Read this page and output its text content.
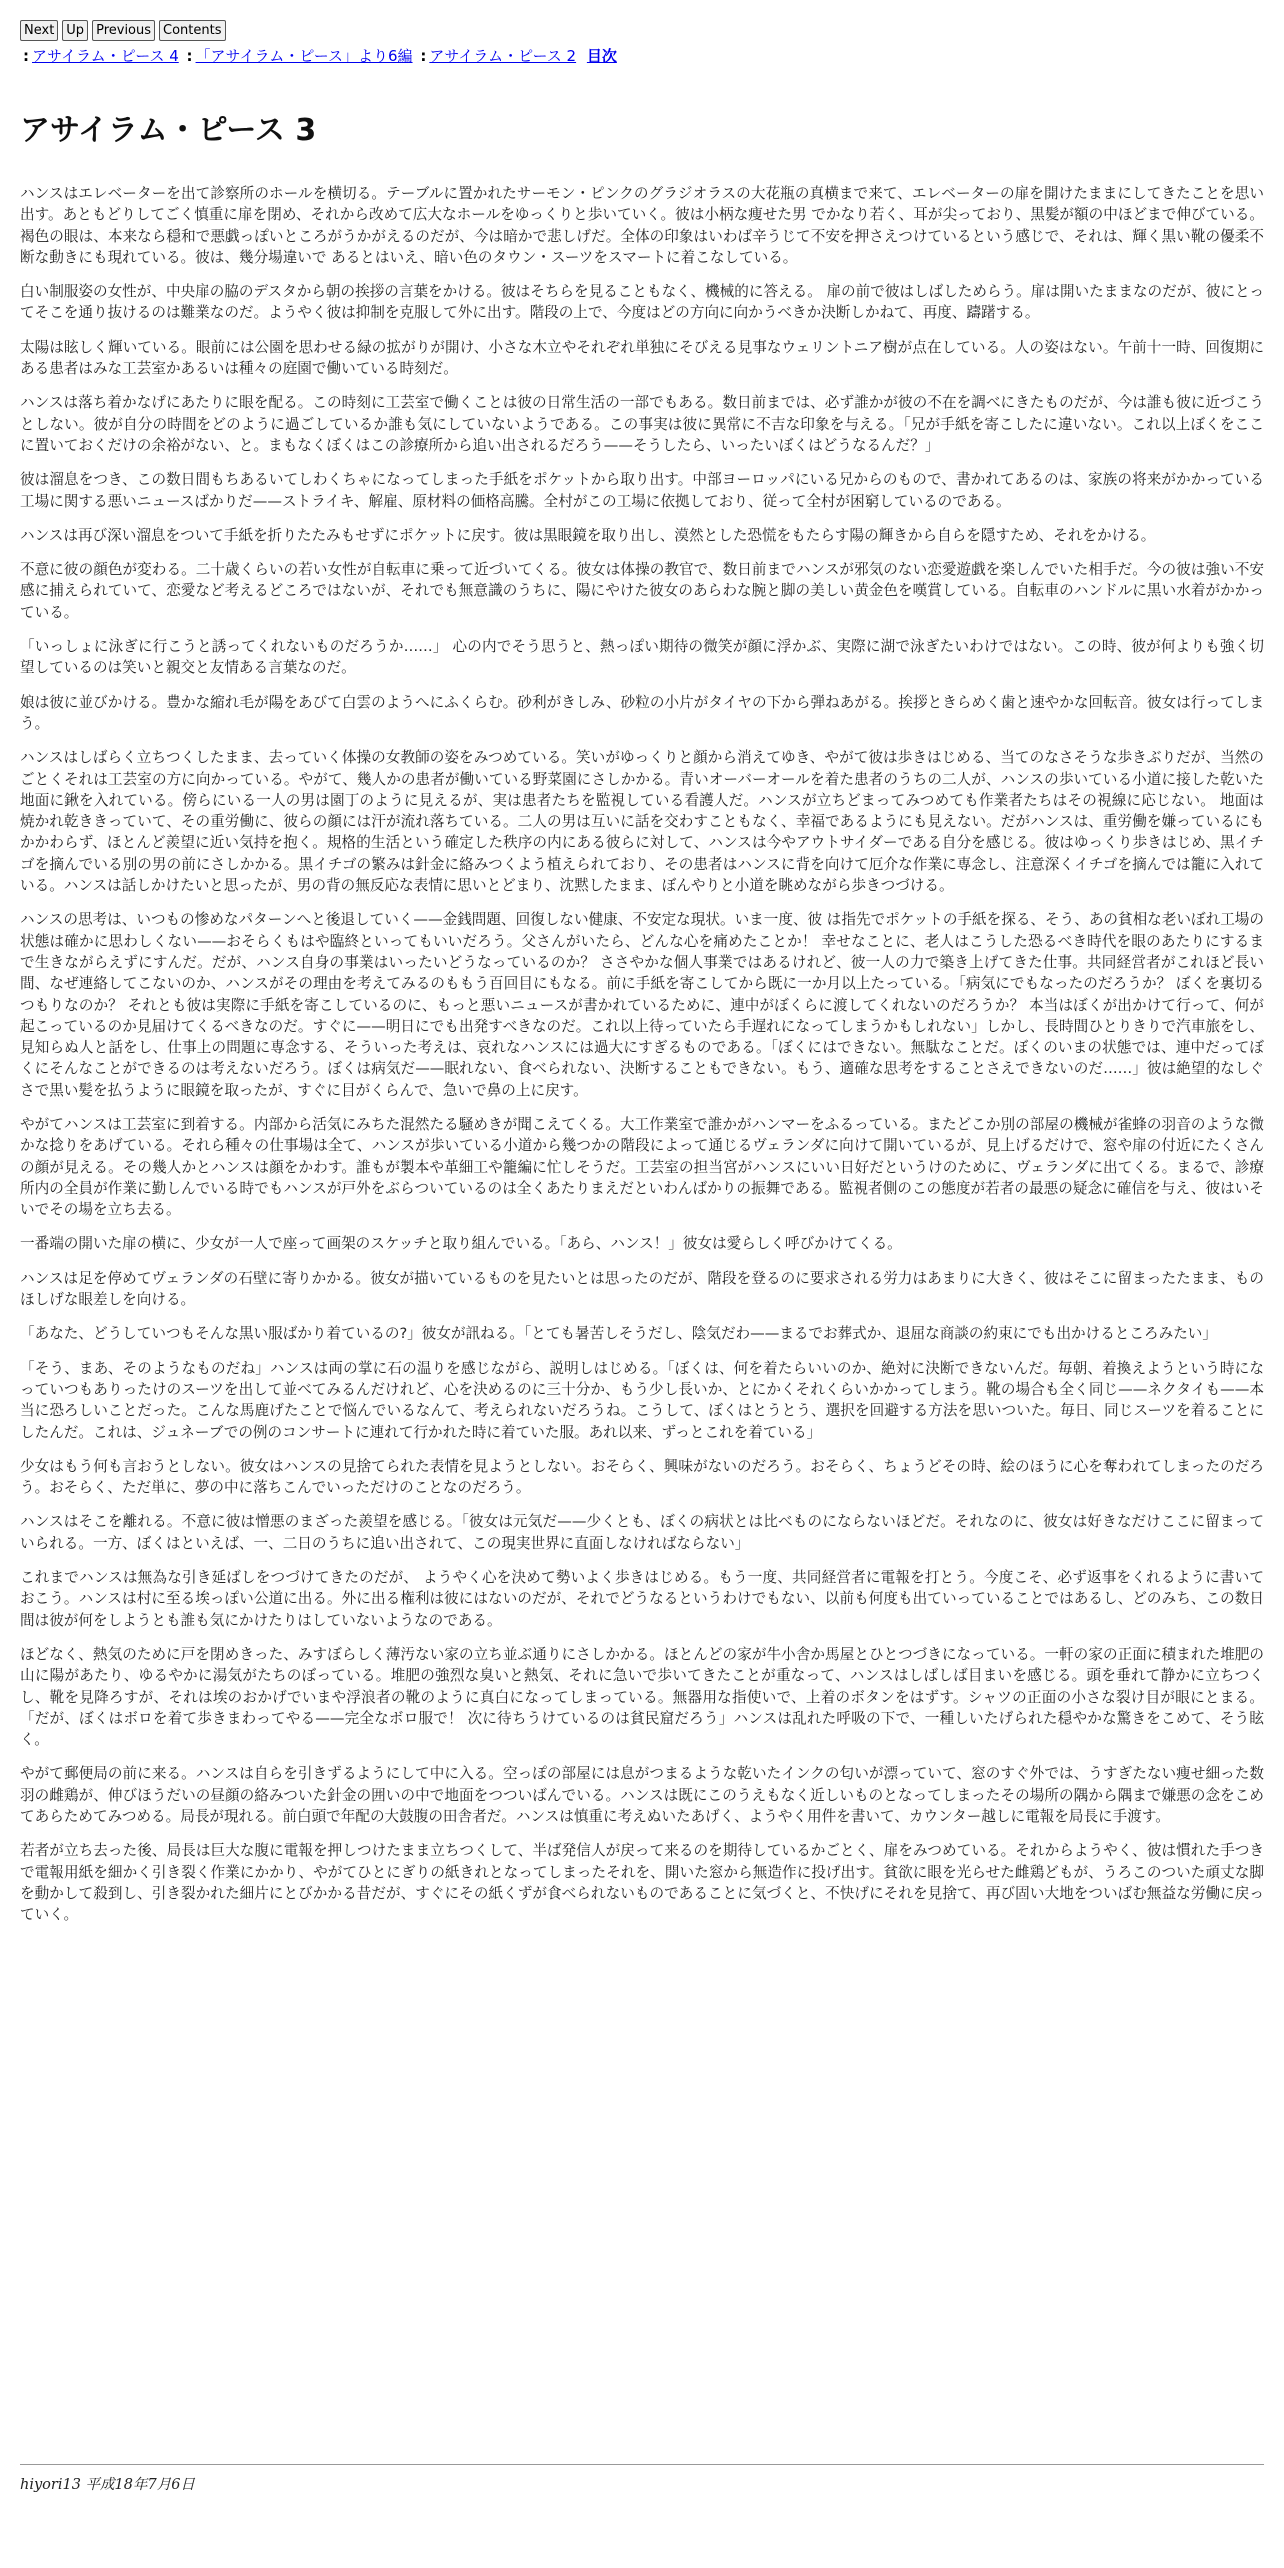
Next Up Previous Contents
: アサイラム・ピース 4 : 「アサイラム・ピース」より6編 : アサイラム・ピース 2 目次
アサイラム・ピース 3

ハンスはエレベーターを出て診察所のホールを横切る。テーブルに置かれたサーモン・ピンクのグラジオラスの大花瓶の真横まで来て、エレベーターの扉を開けたままにしてきたことを思い出す。あともどりしてごく慎重に扉を閉め、それから改めて広大なホールをゆっくりと歩いていく。彼は小柄な痩せた男 でかなり若く、耳が尖っており、黒髪が額の中ほどまで伸びている。褐色の眼は、本来なら穏和で悪戯っぽいところがうかがえるのだが、今は暗かで悲しげだ。全体の印象はいわば辛うじて不安を押さえつけているという感じで、それは、輝く黒い靴の優柔不断な動きにも現れている。彼は、幾分場違いで あるとはいえ、暗い色のタウン・スーツをスマートに着こなしている。

白い制服姿の女性が、中央扉の脇のデスタから朝の挨拶の言葉をかける。彼はそちらを見ることもなく、機械的に答える。 扉の前で彼はしばしためらう。扉は開いたままなのだが、彼にとってそこを通り抜けるのは難業なのだ。ようやく彼は抑制を克服して外に出す。階段の上で、今度はどの方向に向かうべきか決断しかねて、再度、躊躇する。

太陽は眩しく輝いている。眼前には公園を思わせる緑の拡がりが開け、小さな木立やそれぞれ単独にそびえる見事なウェリントニア樹が点在している。人の姿はない。午前十一時、回復期にある患者はみな工芸室かあるいは種々の庭園で働いている時刻だ。

ハンスは落ち着かなげにあたりに眼を配る。この時刻に工芸室で働くことは彼の日常生活の一部でもある。数日前までは、必ず誰かが彼の不在を調べにきたものだが、今は誰も彼に近づこうとしない。彼が自分の時間をどのように過ごしているか誰も気にしていないようである。この事実は彼に異常に不吉な印象を与える。「兄が手紙を寄こしたに違いない。これ以上ぼくをここに置いておくだけの余裕がない、と。まもなくぼくはこの診療所から追い出されるだろう——そうしたら、いったいぼくはどうなるんだ？」

彼は溜息をつき、この数日間もちあるいてしわくちゃになってしまった手紙をポケットから取り出す。中部ヨーロッパにいる兄からのもので、書かれてあるのは、家族の将来がかかっている工場に関する悪いニュースばかりだ——ストライキ、解雇、原材料の価格高騰。全村がこの工場に依拠しており、従って全村が困窮しているのである。

ハンスは再び深い溜息をついて手紙を折りたたみもせずにポケットに戻す。彼は黒眼鏡を取り出し、漠然とした恐慌をもたらす陽の輝きから自らを隠すため、それをかける。

不意に彼の顔色が変わる。二十歳くらいの若い女性が自転車に乗って近づいてくる。彼女は体操の教官で、数日前までハンスが邪気のない恋愛遊戯を楽しんでいた相手だ。今の彼は強い不安感に捕えられていて、恋愛など考えるどころではないが、それでも無意識のうちに、陽にやけた彼女のあらわな腕と脚の美しい黄金色を嘆賞している。自転車のハンドルに黒い水着がかかっている。

「いっしょに泳ぎに行こうと誘ってくれないものだろうか……」 心の内でそう思うと、熱っぽい期待の微笑が顔に浮かぶ、実際に湖で泳ぎたいわけではない。この時、彼が何よりも強く切望しているのは笑いと親交と友情ある言葉なのだ。

娘は彼に並びかける。豊かな縮れ毛が陽をあびて白雲のようへにふくらむ。砂利がきしみ、砂粒の小片がタイヤの下から弾ねあがる。挨拶ときらめく歯と速やかな回転音。彼女は行ってしまう。

ハンスはしばらく立ちつくしたまま、去っていく体操の女教師の姿をみつめている。笑いがゆっくりと顔から消えてゆき、やがて彼は歩きはじめる、当てのなさそうな歩きぶりだが、当然のごとくそれは工芸室の方に向かっている。やがて、幾人かの患者が働いている野菜園にさしかかる。青いオーバーオールを着た患者のうちの二人が、ハンスの歩いている小道に接した乾いた地面に鍬を入れている。傍らにいる一人の男は園丁のように見えるが、実は患者たちを監視している看護人だ。ハンスが立ちどまってみつめても作業者たちはその視線に応じない。 地面は焼かれ乾ききっていて、その重労働に、彼らの顔には汗が流れ落ちている。二人の男は互いに話を交わすこともなく、幸福であるようにも見えない。だがハンスは、重労働を嫌っているにもかかわらず、ほとんど羨望に近い気持を抱く。規格的生活という確定した秩序の内にある彼らに対して、ハンスは今やアウトサイダーである自分を感じる。彼はゆっくり歩きはじめ、黒イチゴを摘んでいる別の男の前にさしかかる。黒イチゴの繁みは針金に絡みつくよう植えられており、その患者はハンスに背を向けて厄介な作業に専念し、注意深くイチゴを摘んでは籠に入れている。ハンスは話しかけたいと思ったが、男の背の無反応な表情に思いとどまり、沈黙したまま、ぼんやりと小道を眺めながら歩きつづける。

ハンスの思考は、いつもの惨めなパターンへと後退していく——金銭問題、回復しない健康、不安定な現状。いま一度、彼 は指先でポケットの手紙を探る、そう、あの貧相な老いぼれ工場の状態は確かに思わしくない——おそらくもはや臨終といってもいいだろう。父さんがいたら、どんな心を痛めたことか！ 幸せなことに、老人はこうした恐るべき時代を眼のあたりにするまで生きながらえずにすんだ。だが、ハンス自身の事業はいったいどうなっているのか？ ささやかな個人事業ではあるけれど、彼一人の力で築き上げてきた仕事。共同経営者がこれほど長い間、なぜ連絡してこないのか、ハンスがその理由を考えてみるのももう百回目にもなる。前に手紙を寄こしてから既に一か月以上たっている。「病気にでもなったのだろうか？ ぼくを裏切るつもりなのか？ それとも彼は実際に手紙を寄こしているのに、もっと悪いニュースが書かれているために、連中がぼくらに渡してくれないのだろうか？ 本当はぼくが出かけて行って、何が起こっているのか見届けてくるべきなのだ。すぐに——明日にでも出発すべきなのだ。これ以上待っていたら手遅れになってしまうかもしれない」しかし、長時間ひとりきりで汽車旅をし、見知らぬ人と話をし、仕事上の問題に専念する、そういった考えは、哀れなハンスには過大にすぎるものである。「ぼくにはできない。無駄なことだ。ぼくのいまの状態では、連中だってぼくにそんなことができるのは考えないだろう。ぼくは病気だ——眠れない、食べられない、決断することもできない。もう、適確な思考をすることさえできないのだ……」彼は絶望的なしぐさで黒い髪を払うように眼鏡を取ったが、すぐに目がくらんで、急いで鼻の上に戻す。

やがてハンスは工芸室に到着する。内部から活気にみちた混然たる騒めきが聞こえてくる。大工作業室で誰かがハンマーをふるっている。またどこか別の部屋の機械が雀蜂の羽音のような微かな捻りをあげている。それら種々の仕事場は全て、ハンスが歩いている小道から幾つかの階段によって通じるヴェランダに向けて開いているが、見上げるだけで、窓や扉の付近にたくさんの顔が見える。その幾人かとハンスは顔をかわす。誰もが製本や革細工や籠編に忙しそうだ。工芸室の担当宮がハンスにいい日好だというけのために、ヴェランダに出てくる。まるで、診療所内の全員が作業に勤しんでいる時でもハンスが戸外をぶらついているのは全くあたりまえだといわんばかりの振舞である。監視者側のこの態度が若者の最悪の疑念に確信を与え、彼はいそいでその場を立ち去る。

一番端の開いた扉の横に、少女が一人で座って画架のスケッチと取り組んでいる。「あら、ハンス！」彼女は愛らしく呼びかけてくる。

ハンスは足を停めてヴェランダの石壁に寄りかかる。彼女が描いているものを見たいとは思ったのだが、階段を登るのに要求される労力はあまりに大きく、彼はそこに留まったたまま、ものほしげな眼差しを向ける。

「あなた、どうしていつもそんな黒い服ばかり着ているの?」彼女が訊ねる。「とても暑苦しそうだし、陰気だわ——まるでお葬式か、退屈な商談の約束にでも出かけるところみたい」

「そう、まあ、そのようなものだね」ハンスは両の掌に石の温りを感じながら、説明しはじめる。「ぼくは、何を着たらいいのか、絶対に決断できないんだ。毎朝、着換えようという時になっていつもありったけのスーツを出して並べてみるんだけれど、心を決めるのに三十分か、もう少し長いか、とにかくそれくらいかかってしまう。靴の場合も全く同じ——ネクタイも——本当に恐ろしいことだった。こんな馬鹿げたことで悩んでいるなんて、考えられないだろうね。こうして、ぼくはとうとう、選択を回避する方法を思いついた。毎日、同じスーツを着ることにしたんだ。これは、ジュネーブでの例のコンサートに連れて行かれた時に着ていた服。あれ以来、ずっとこれを着ている」

少女はもう何も言おうとしない。彼女はハンスの見捨てられた表情を見ようとしない。おそらく、興味がないのだろう。おそらく、ちょうどその時、絵のほうに心を奪われてしまったのだろう。おそらく、ただ単に、夢の中に落ちこんでいっただけのことなのだろう。

ハンスはそこを離れる。不意に彼は憎悪のまざった羨望を感じる。「彼女は元気だ——少くとも、ぼくの病状とは比べものにならないほどだ。それなのに、彼女は好きなだけここに留まっていられる。一方、ぼくはといえば、一、二日のうちに追い出されて、この現実世界に直面しなければならない」

これまでハンスは無為な引き延ばしをつづけてきたのだが、 ようやく心を決めて勢いよく歩きはじめる。もう一度、共同経営者に電報を打とう。今度こそ、必ず返事をくれるように書いておこう。ハンスは村に至る埃っぽい公道に出る。外に出る権利は彼にはないのだが、それでどうなるというわけでもない、以前も何度も出ていっていることではあるし、どのみち、この数日間は彼が何をしようとも誰も気にかけたりはしていないようなのである。

ほどなく、熱気のために戸を閉めきった、みすぼらしく薄汚ない家の立ち並ぶ通りにさしかかる。ほとんどの家が牛小舎か馬屋とひとつづきになっている。一軒の家の正面に積まれた堆肥の山に陽があたり、ゆるやかに湯気がたちのぼっている。堆肥の強烈な臭いと熱気、それに急いで歩いてきたことが重なって、ハンスはしばしば目まいを感じる。頭を垂れて静かに立ちつくし、靴を見降ろすが、それは埃のおかげでいまや浮浪者の靴のように真白になってしまっている。無器用な指使いで、上着のボタンをはずす。シャツの正面の小さな裂け目が眼にとまる。「だが、ぼくはボロを着て歩きまわってやる——完全なボロ服で！ 次に待ちうけているのは貧民窟だろう」ハンスは乱れた呼吸の下で、一種しいたげられた穏やかな驚きをこめて、そう眩く。

やがて郵便局の前に来る。ハンスは自らを引きずるようにして中に入る。空っぽの部屋には息がつまるような乾いたインクの匂いが漂っていて、窓のすぐ外では、うすぎたない痩せ細った数羽の雌鶏が、伸びほうだいの昼顔の絡みついた針金の囲いの中で地面をつついばんでいる。ハンスは既にこのうえもなく近しいものとなってしまったその場所の隅から隅まで嫌悪の念をこめてあらためてみつめる。局長が現れる。前白頭で年配の大鼓腹の田舎者だ。ハンスは慎重に考えぬいたあげく、ようやく用件を書いて、カウンター越しに電報を局長に手渡す。

若者が立ち去った後、局長は巨大な腹に電報を押しつけたまま立ちつくして、半ば発信人が戻って来るのを期待しているかごとく、扉をみつめている。それからようやく、彼は慣れた手つきで電報用紙を細かく引き裂く作業にかかり、やがてひとにぎりの紙きれとなってしまったそれを、開いた窓から無造作に投げ出す。貧欲に眼を光らせた雌鶏どもが、うろこのついた頑丈な脚を動かして殺到し、引き裂かれた細片にとびかかる昔だが、すぐにその紙くずが食べられないものであることに気づくと、不快げにそれを見捨て、再び固い大地をついばむ無益な労働に戻っていく。

hiyori13 平成18年7月6日
